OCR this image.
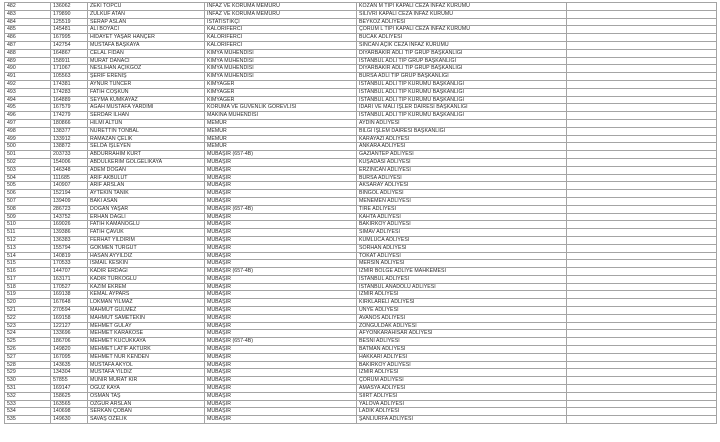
482	136062	ZEKİ TOPCU	İNFAZ VE KORUMA MEMURU	KOZAN M TİPİ KAPALI CEZA İNFAZ KURUMU	
483	179890	ZÜLKÜF ATAN	İNFAZ VE KORUMA MEMURU	SİLİVRİ KAPALI CEZA İNFAZ KURUMU	
484	125519	SERAP ASLAN	İSTATİSTİKÇİ	BEYKOZ ADLİYESİ	
485	145481	ALİ BOYACI	KALORİFERCİ	ÇORUM L TİPİ KAPALI CEZA İNFAZ KURUMU	
486	167995	HİDAYET YAŞAR HANÇER	KALORİFERCİ	BUCAK ADLİYESİ	
487	142754	MUSTAFA BAŞKAYA	KALORİFERCİ	SİNCAN AÇIK CEZA İNFAZ KURUMU	
488	164867	CELAL FİDAN	KİMYA MÜHENDİSİ	DİYARBAKIR ADLİ TIP GRUP BAŞKANLIĞI	
489	158911	MURAT DANACI	KİMYA MÜHENDİSİ	İSTANBUL ADLİ TIP GRUP BAŞKANLIĞI	
490	171067	NESLİHAN AÇIKGÖZ	KİMYA MÜHENDİSİ	DİYARBAKIR ADLİ TIP GRUP BAŞKANLIĞI	
491	105563	ŞERİF ERENIŞ	KİMYA MÜHENDİSİ	BURSA ADLİ TIP GRUP BAŞKANLIĞI	
492	174381	AYNUR TUNCER	KİMYAGER	İSTANBUL ADLİ TIP KURUMU BAŞKANLIĞI	
493	174283	FATİH COŞKUN	KİMYAGER	İSTANBUL ADLİ TIP KURUMU BAŞKANLIĞI	
494	164889	SEYMA KUMKAYAZ	KİMYAGER	İSTANBUL ADLİ TIP KURUMU BAŞKANLIĞI	
495	167579	AGAH MUSTAFA YARDIMI	KORUMA VE GÜVENLİK GÖREVLİSİ	İDARİ VE MALİ İŞLER DAİRESİ BAŞKANLIĞI	
496	174279	SERDAR İLHAN	MAKİNA MÜHENDİSİ	İSTANBUL ADLİ TIP KURUMU BAŞKANLIĞI	
497	180866	HİLMİ ALTUN	MEMUR	AYDIN ADLİYESİ	
498	138377	NURETTİN TONBAL	MEMUR	BİLGİ İŞLEM DAİRESİ BAŞKANLIĞI	
499	133912	RAMAZAN ÇELİK	MEMUR	KARAYAZI ADLİYESİ	
500	138872	SELDA İŞLEYEN	MEMUR	ANKARA ADLİYESİ	
501	203733	ABDURRAHİM KURT	MUBAŞİR (657-4B)	GAZİANTEP ADLİYESİ	
502	154006	ABDÜLKERİM GÖLGELİKAYA	MUBAŞİR	KUŞADASI ADLİYESİ	
503	146348	ADEM DOĞAN	MUBAŞİR	ERZİNCAN ADLİYESİ	
504	111685	ARİF AKBULUT	MUBAŞİR	BURSA ADLİYESİ	
505	140907	ARİF ARSLAN	MUBAŞİR	AKSARAY ADLİYESİ	
506	152194	AYTEKİN TANIK	MUBAŞİR	BİNGÖL ADLİYESİ	
507	139409	BAKİ ASAN	MUBAŞİR	MENEMEN ADLİYESİ	
508	286723	DOĞAN YAŞAR	MUBAŞİR (657-4B)	TİRE ADLİYESİ	
509	143752	ERHAN DAĞLI	MUBAŞİR	KAHTA ADLİYESİ	
510	169026	FATİH KAMANOĞLU	MUBAŞİR	BAKIRKÖY ADLİYESİ	
511	139386	FATİH ÇAVUK	MUBAŞİR	SİMAV ADLİYESİ	
512	136383	FERHAT YILDIRIM	MUBAŞİR	KUMLUCA ADLİYESİ	
513	155794	GÖKMEN TURĞUT	MUBAŞİR	SORHAN ADLİYESİ	
514	140819	HASAN AYYILDIZ	MUBAŞİR	TOKAT ADLİYESİ	
515	170533	İSMAİL KESKİN	MUBAŞİR	MERSİN ADLİYESİ	
516	144707	KADİR ERDAĞI	MUBAŞİR (657-4B)	İZMİR BÖLGE ADLİYE MAHKEMESİ	
517	163171	KADİR TÜRKOĞLU	MUBAŞİR	İSTANBUL ADLİYESİ	
518	170527	KAZIM EKREM	MUBAŞİR	İSTANBUL ANADOLU ADLİYESİ	
519	169138	KEMAL AYPARS	MUBAŞİR	İZMİR ADLİYESİ	
520	167648	LOKMAN YILMAZ	MUBAŞİR	KIRKLARELİ ADLİYESİ	
521	270594	MAHMUT GÜLMEZ	MUBAŞİR	ÜNYE ADLİYESİ	
522	169158	MAHMUT SAMETEKİN	MUBAŞİR	AVANOS ADLİYESİ	
523	122127	MEHMET GÜLAY	MUBAŞİR	ZONGULDAK ADLİYESİ	
524	133696	MEHMET KARAKÖSE	MUBAŞİR	AFYONKARAHİSAR ADLİYESİ	
525	186706	MEHMET KUCUKKAYA	MUBAŞİR (657-4B)	BESNİ ADLİYESİ	
526	149820	MEHMET LATİF AKTÜRK	MUBAŞİR	BATMAN ADLİYESİ	
527	167095	MEHMET NUR KENDEN	MUBAŞİR	HAKKARİ ADLİYESİ	
528	143635	MUSTAFA AKYOL	MUBAŞİR	BAKIRKÖY ADLİYESİ	
529	134304	MUSTAFA YILDIZ	MUBAŞİR	İZMİR ADLİYESİ	
530	57855	MÜNİR MURAT KIR	MUBAŞİR	ÇORUM ADLİYESİ	
531	169147	OĞUZ KAYA	MUBAŞİR	AMASYA ADLİYESİ	
532	158625	OSMAN TAŞ	MUBAŞİR	SİİRT ADLİYESİ	
533	163565	ÖZGÜR ARSLAN	MUBAŞİR	YALOVA ADLİYESİ	
534	140698	SERKAN ÇOBAN	MUBAŞİR	LADİK ADLİYESİ	
535	149630	SAVAŞ ÖZELİK	MUBAŞİR	ŞANLIURFA ADLİYESİ	
